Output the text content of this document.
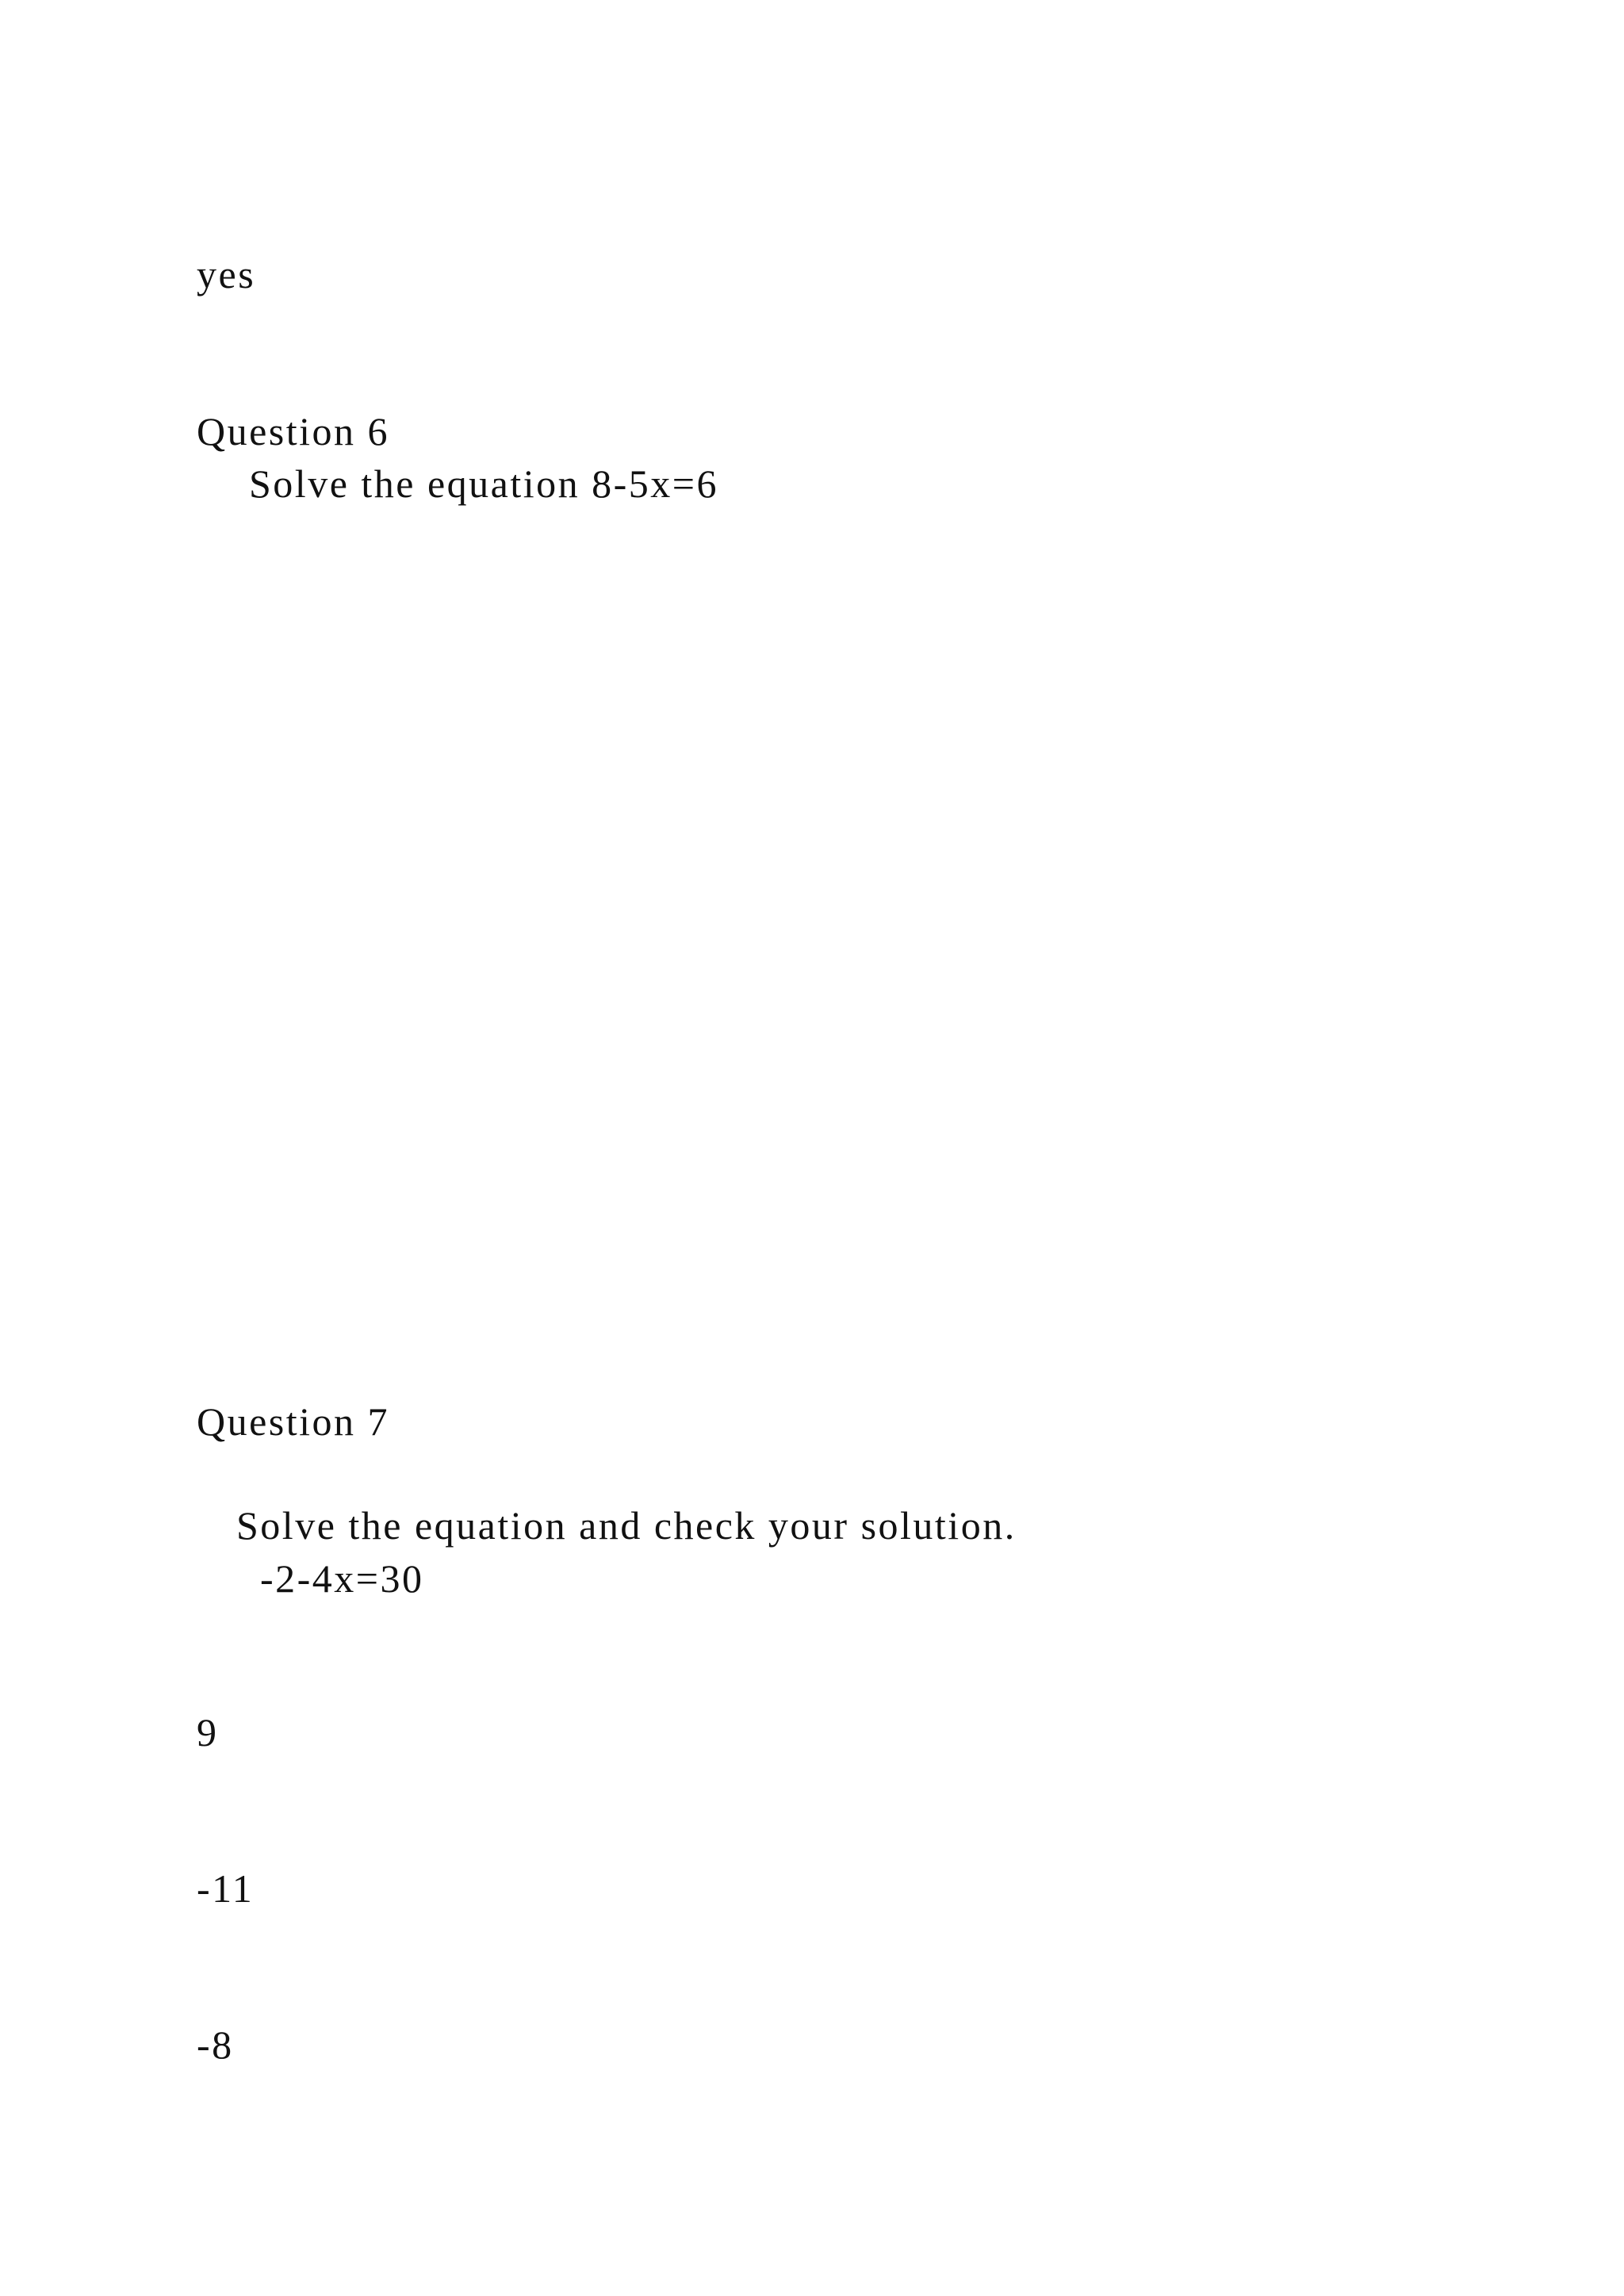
yes
Question 6
Solve the equation 8-5x=6
Question 7
Solve the equation and check your solution.
-2-4x=30
9
-11
-8
